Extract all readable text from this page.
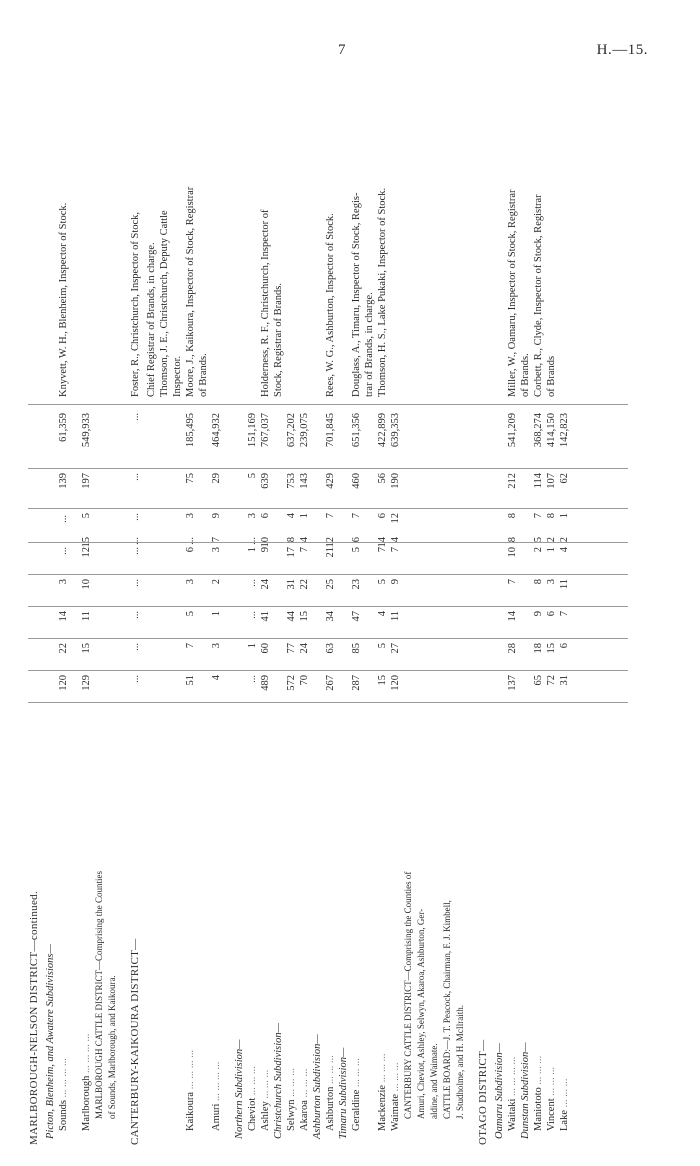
7	H.—15.
MARLBOROUGH-NELSON DISTRICT—continued. Picton, Blenheim, and Awatere Subdivisions— Sounds ... ... ... ...
120
22
14
3
...
...
139
61,359
Knyvett, W. H., Blenheim, Inspector of Stock.
Marlborough ... ... ... ...
129
15
11
10
12
15
5
197
549,933
MARLBOROUGH CATTLE DISTRICT—Comprising the Counties of Sounds, Marlborough, and Kaikoura. CANTERBURY-KAIKOURA DISTRICT—
...
...
...
...
...
...
...
...
...
Foster, R., Christchurch, Inspector of Stock, Chief Registrar of Brands, in charge. Thomson, J. E., Christchurch, Deputy Cattle Inspector.
Kaikoura ... ... ... ...
51
7
5
3
6
...
3
75
185,495
Moore, J., Kaikoura, Inspector of Stock, Registrar of Brands.
Amuri ... ... ... ...
4
3
1
2
3
7
9
29
464,932
Northern Subdivision— Cheviot ... ... ...
...
1
...
...
1
...
3
5
151,169
Ashley ... ... ...
489
60
41
24
9
10
6
639
767,037
Holderness, R. F., Christchurch, Inspector of
Christchurch Subdivision—
Stock, Registrar of Brands.
Selwyn ... ... ...
572
77
44
31
17
8
4
753
637,202
Akaroa ... ... ...
70
24
15
22
7
4
1
143
239,075
Ashburton Subdivision— Ashburton ... ... ...
267
63
34
25
21
12
7
429
701,845
Rees, W. G., Ashburton, Inspector of Stock.
Timaru Subdivision— Geraldine ... ... ...
287
85
47
23
5
6
7
460
651,356
Douglass, A., Timaru, Inspector of Stock, Regis- trar of Brands, in charge.
Mackenzie ... ... ...
15
5
4
5
7
14
6
56
422,899
Thomson, H. S., Lake Pukaki, Inspector of Stock.
Waimate ... ... ...
120
27
11
9
7
4
12
190
639,353
CANTERBURY CATTLE DISTRICT—Comprising the Counties of Amuri, Cheviot, Ashley, Selwyn, Akaroa, Ashburton, Ger- aldine, and Waimate. CATTLE BOARD:—J. T. Peacock, Chairman, F. J. Kimbell, J. Studholme, and H. McIlraith. OTAGO DISTRICT— Oamaru Subdivision— Waitaki ... ... ... ...
137
28
14
7
10
8
8
212
541,209
Miller, W., Oamaru, Inspector of Stock, Registrar
Dunstan Subdivision—
of Brands.
Maniototo ... ... ...
65
18
9
8
2
5
7
114
368,274
Corbett, R., Clyde, Inspector of Stock, Registrar
Vincent ... ... ...
72
15
6
3
1
2
8
107
414,150
of Brands
Lake ... ... ...
31
6
7
11
4
2
1
62
142,823
